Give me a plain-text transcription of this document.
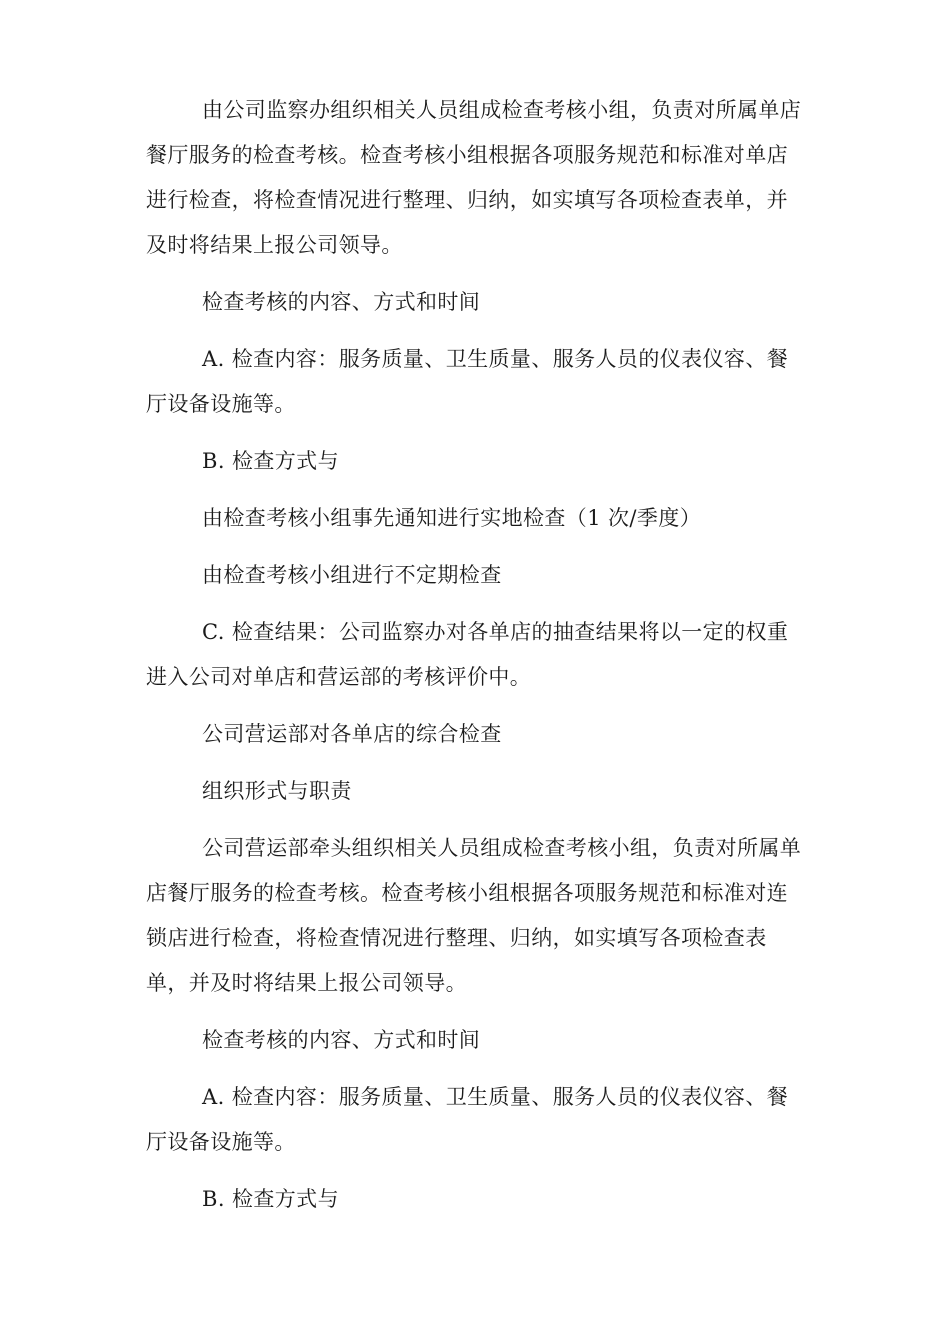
由公司监察办组织相关人员组成检查考核小组，负责对所属单店餐厅服务的检查考核。检查考核小组根据各项服务规范和标准对单店进行检查，将检查情况进行整理、归纳，如实填写各项检查表单，并及时将结果上报公司领导。

检查考核的内容、方式和时间

A. 检查内容：服务质量、卫生质量、服务人员的仪表仪容、餐厅设备设施等。

B. 检查方式与

由检查考核小组事先通知进行实地检查（1 次/季度）

由检查考核小组进行不定期检查

C. 检查结果：公司监察办对各单店的抽查结果将以一定的权重进入公司对单店和营运部的考核评价中。

公司营运部对各单店的综合检查

组织形式与职责

公司营运部牵头组织相关人员组成检查考核小组，负责对所属单店餐厅服务的检查考核。检查考核小组根据各项服务规范和标准对连锁店进行检查，将检查情况进行整理、归纳，如实填写各项检查表单，并及时将结果上报公司领导。

检查考核的内容、方式和时间

A. 检查内容：服务质量、卫生质量、服务人员的仪表仪容、餐厅设备设施等。

B. 检查方式与
